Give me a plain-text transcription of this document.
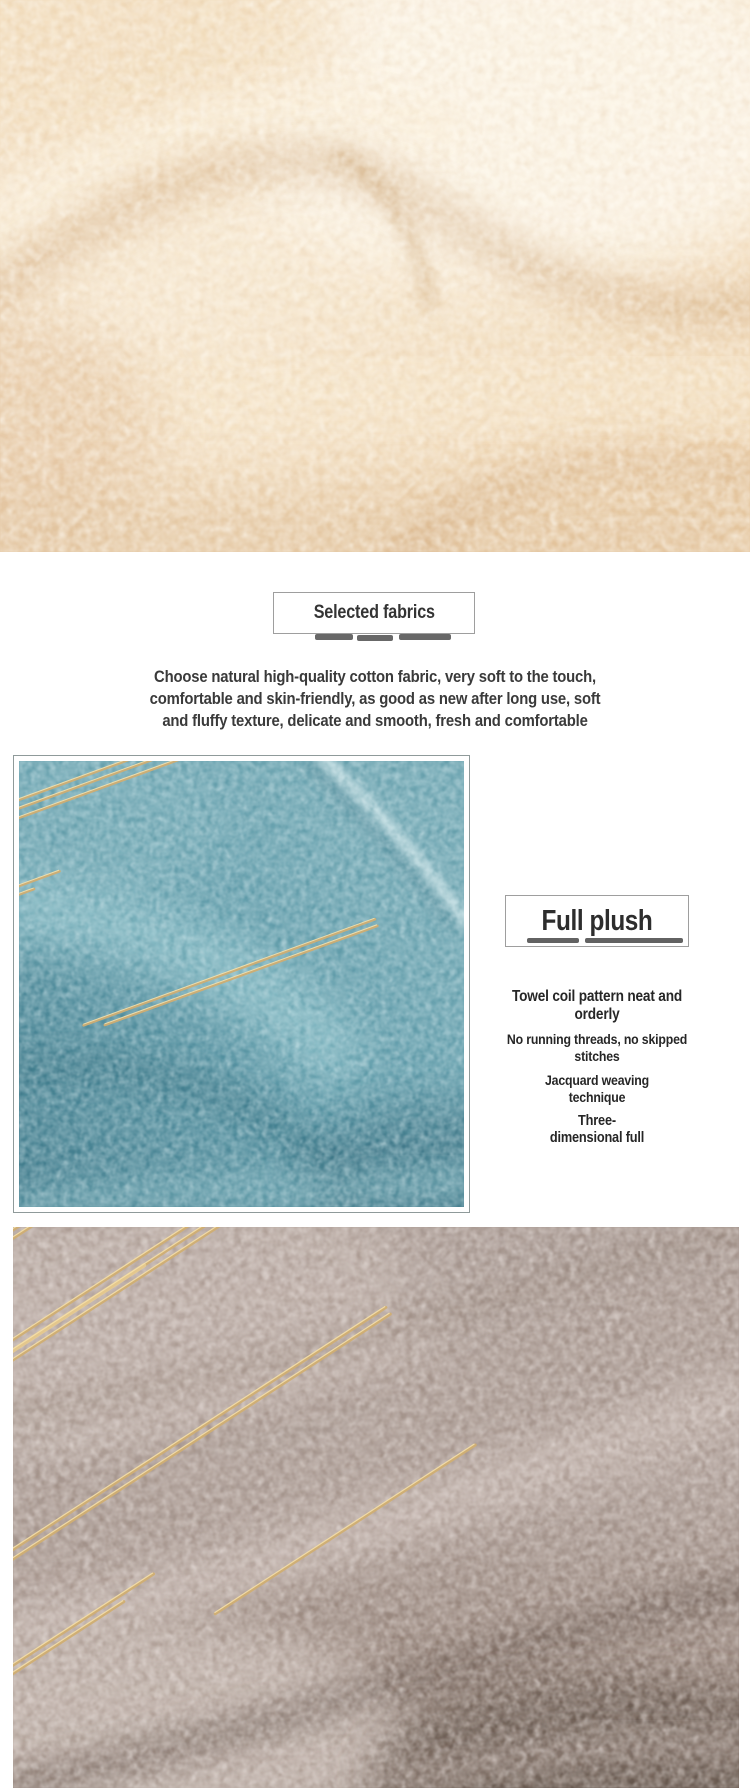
Selected fabrics
Choose natural high-quality cotton fabric, very soft to the touch,
comfortable and skin-friendly, as good as new after long use, soft
and fluffy texture, delicate and smooth, fresh and comfortable
Full plush
Towel coil pattern neat and
orderly
No running threads, no skipped
stitches
Jacquard weaving
technique
Three-
dimensional full
